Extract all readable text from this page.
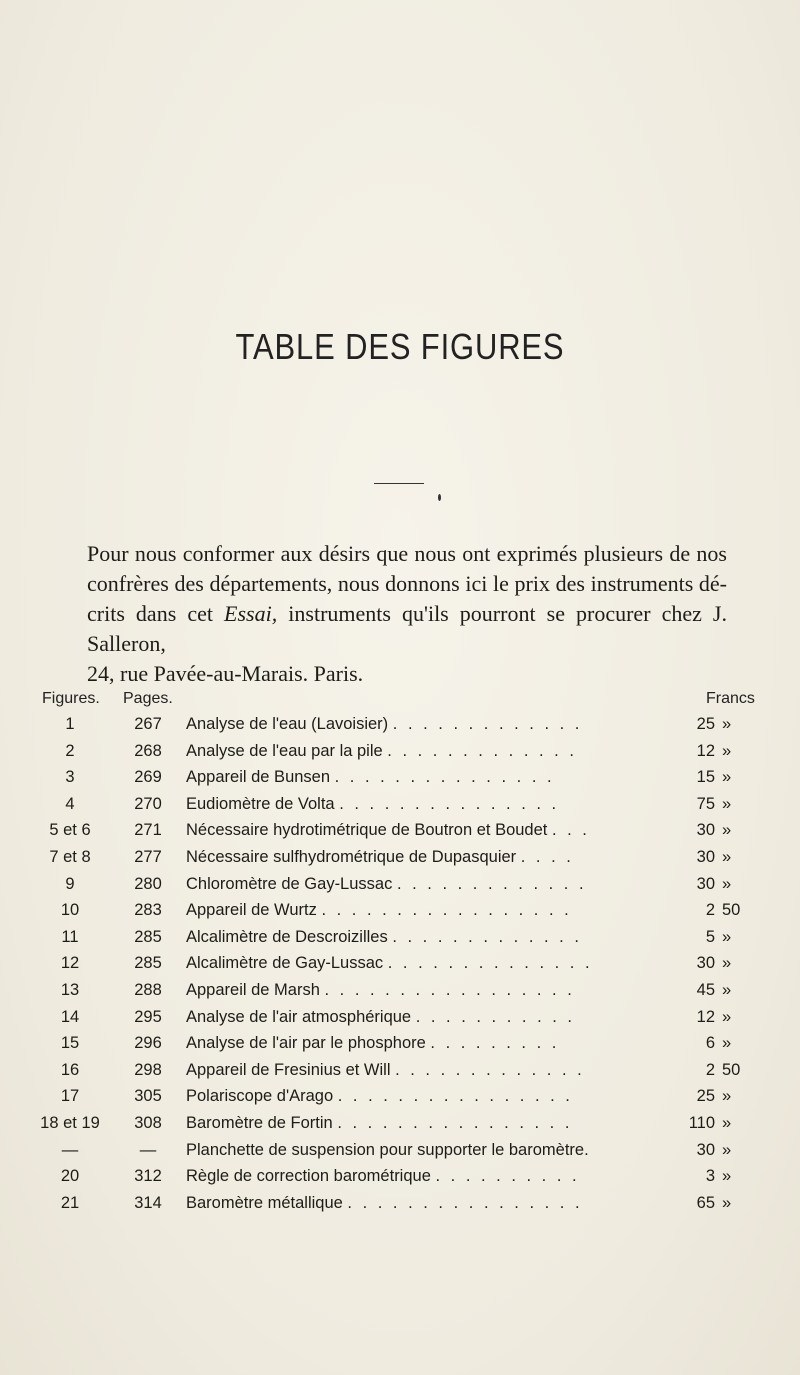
TABLE DES FIGURES
Pour nous conformer aux désirs que nous ont exprimés plusieurs de nos
confrères des départements, nous donnons ici le prix des instruments dé-
crits dans cet Essai, instruments qu'ils pourront se procurer chez J. Salleron,
24, rue Pavée-au-Marais. Paris.
Figures. Pages.	Francs
1	267	Analyse de l'eau (Lavoisier) . . . . . . . . . . . . .	25 »
2	268	Analyse de l'eau par la pile . . . . . . . . . . . . .	12 »
3	269	Appareil de Bunsen . . . . . . . . . . . . . . .	15 »
4	270	Eudiomètre de Volta . . . . . . . . . . . . . . .	75 »
5 et 6	271	Nécessaire hydrotimétrique de Boutron et Boudet . . .	30 »
7 et 8	277	Nécessaire sulfhydrométrique de Dupasquier . . . .	30 »
9	280	Chloromètre de Gay-Lussac . . . . . . . . . . . . .	30 »
10	283	Appareil de Wurtz . . . . . . . . . . . . . . . . .	2 50
11	285	Alcalimètre de Descroizilles . . . . . . . . . . . . .	5 »
12	285	Alcalimètre de Gay-Lussac . . . . . . . . . . . . . .	30 »
13	288	Appareil de Marsh . . . . . . . . . . . . . . . . .	45 »
14	295	Analyse de l'air atmosphérique . . . . . . . . . . .	12 »
15	296	Analyse de l'air par le phosphore . . . . . . . . .	6 »
16	298	Appareil de Fresinius et Will . . . . . . . . . . . . .	2 50
17	305	Polariscope d'Arago . . . . . . . . . . . . . . . .	25 »
18 et 19	308	Baromètre de Fortin . . . . . . . . . . . . . . . .	110 »
—	—	Planchette de suspension pour supporter le baromètre.	30 »
20	312	Règle de correction barométrique . . . . . . . . . .	3 »
21	314	Baromètre métallique . . . . . . . . . . . . . . . .	65 »
